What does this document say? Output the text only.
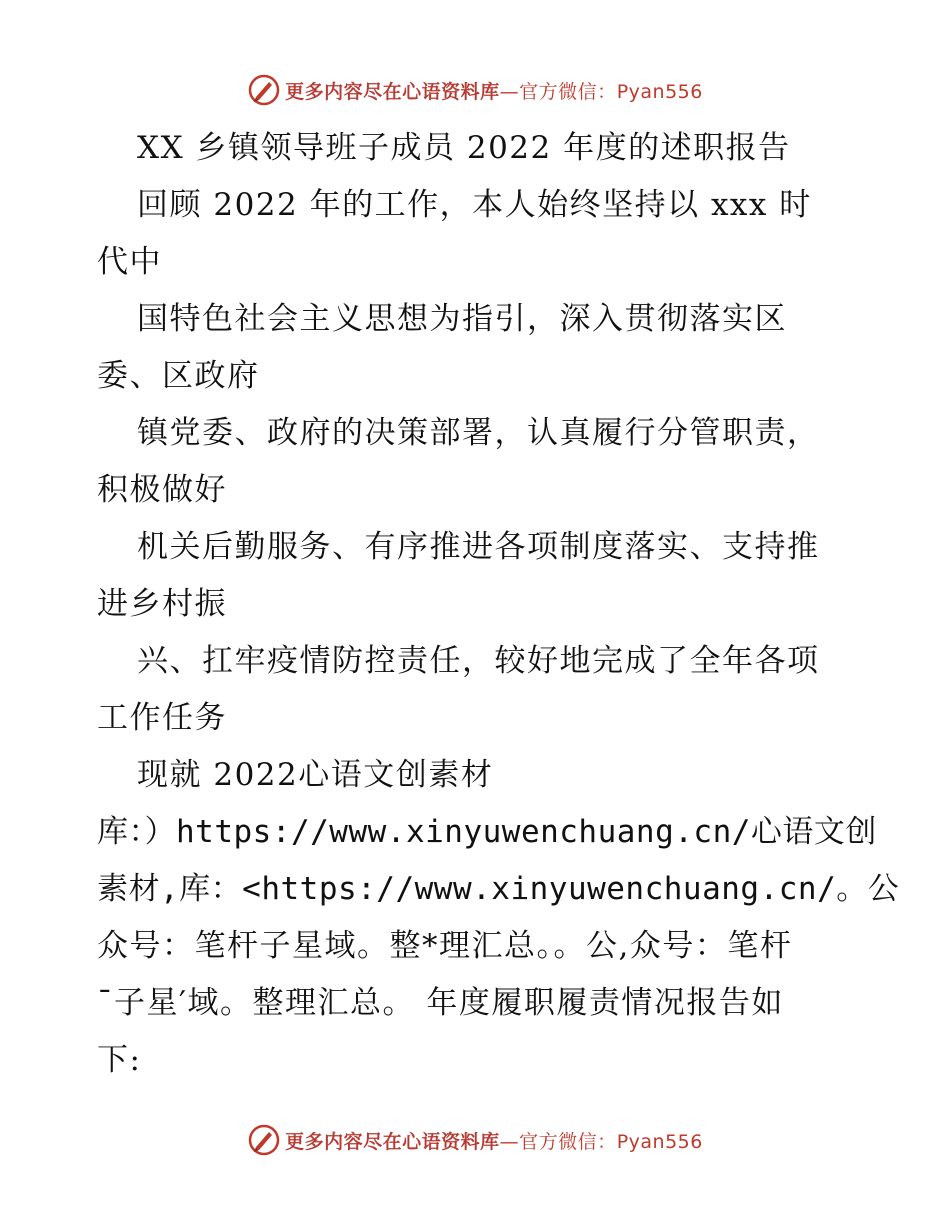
更多内容尽在心语资料库—官方微信：Pyan556
XX 乡镇领导班子成员 2022 年度的述职报告
回顾 2022 年的工作，本人始终坚持以 xxx 时
代中
国特色社会主义思想为指引，深入贯彻落实区
委、区政府
镇党委、政府的决策部署，认真履行分管职责，
积极做好
机关后勤服务、有序推进各项制度落实、支持推
进乡村振
兴、扛牢疫情防控责任，较好地完成了全年各项
工作任务
现就 2022心语文创素材
库：）https://www.xinyuwenchuang.cn/心语文创
素材,库：<https://www.xinyuwenchuang.cn/。公
众号：笔杆子星域。整*理汇总。。公,众号：笔杆
¯子星′域。整理汇总。 年度履职履责情况报告如
下:
更多内容尽在心语资料库—官方微信：Pyan556
